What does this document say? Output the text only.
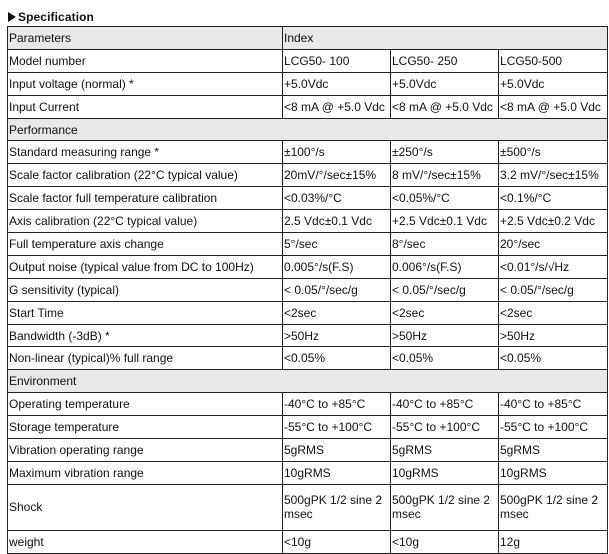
Specification
Parameters	Index		
Model number	LCG50- 100	LCG50- 250	LCG50-500
Input voltage (normal) *	+5.0Vdc	+5.0Vdc	+5.0Vdc
Input Current	<8 mA @ +5.0 Vdc	<8 mA @ +5.0 Vdc	<8 mA @ +5.0 Vdc
Performance			
Standard measuring range *	±100°/s	±250°/s	±500°/s
Scale factor calibration (22°C typical value)	20mV/°/sec±15%	8 mV/°/sec±15%	3.2 mV/°/sec±15%
Scale factor full temperature calibration	<0.03%/°C	<0.05%/°C	<0.1%/°C
Axis calibration (22°C typical value)	2.5 Vdc±0.1 Vdc	+2.5 Vdc±0.1 Vdc	+2.5 Vdc±0.2 Vdc
Full temperature axis change	5°/sec	8°/sec	20°/sec
Output noise (typical value from DC to 100Hz)	0.005°/s(F.S)	0.006°/s(F.S)	<0.01°/s/√Hz
G sensitivity (typical)	< 0.05/°/sec/g	< 0.05/°/sec/g	< 0.05/°/sec/g
Start Time	<2sec	<2sec	<2sec
Bandwidth (-3dB) *	>50Hz	>50Hz	>50Hz
Non-linear (typical)% full range	<0.05%	<0.05%	<0.05%
Environment			
Operating temperature	-40°C to +85°C	-40°C to +85°C	-40°C to +85°C
Storage temperature	-55°C to +100°C	-55°C to +100°C	-55°C to +100°C
Vibration operating range	5gRMS	5gRMS	5gRMS
Maximum vibration range	10gRMS	10gRMS	10gRMS
Shock	500gPK 1/2 sine 2 msec	500gPK 1/2 sine 2 msec	500gPK 1/2 sine 2 msec
weight	<10g	<10g	12g
